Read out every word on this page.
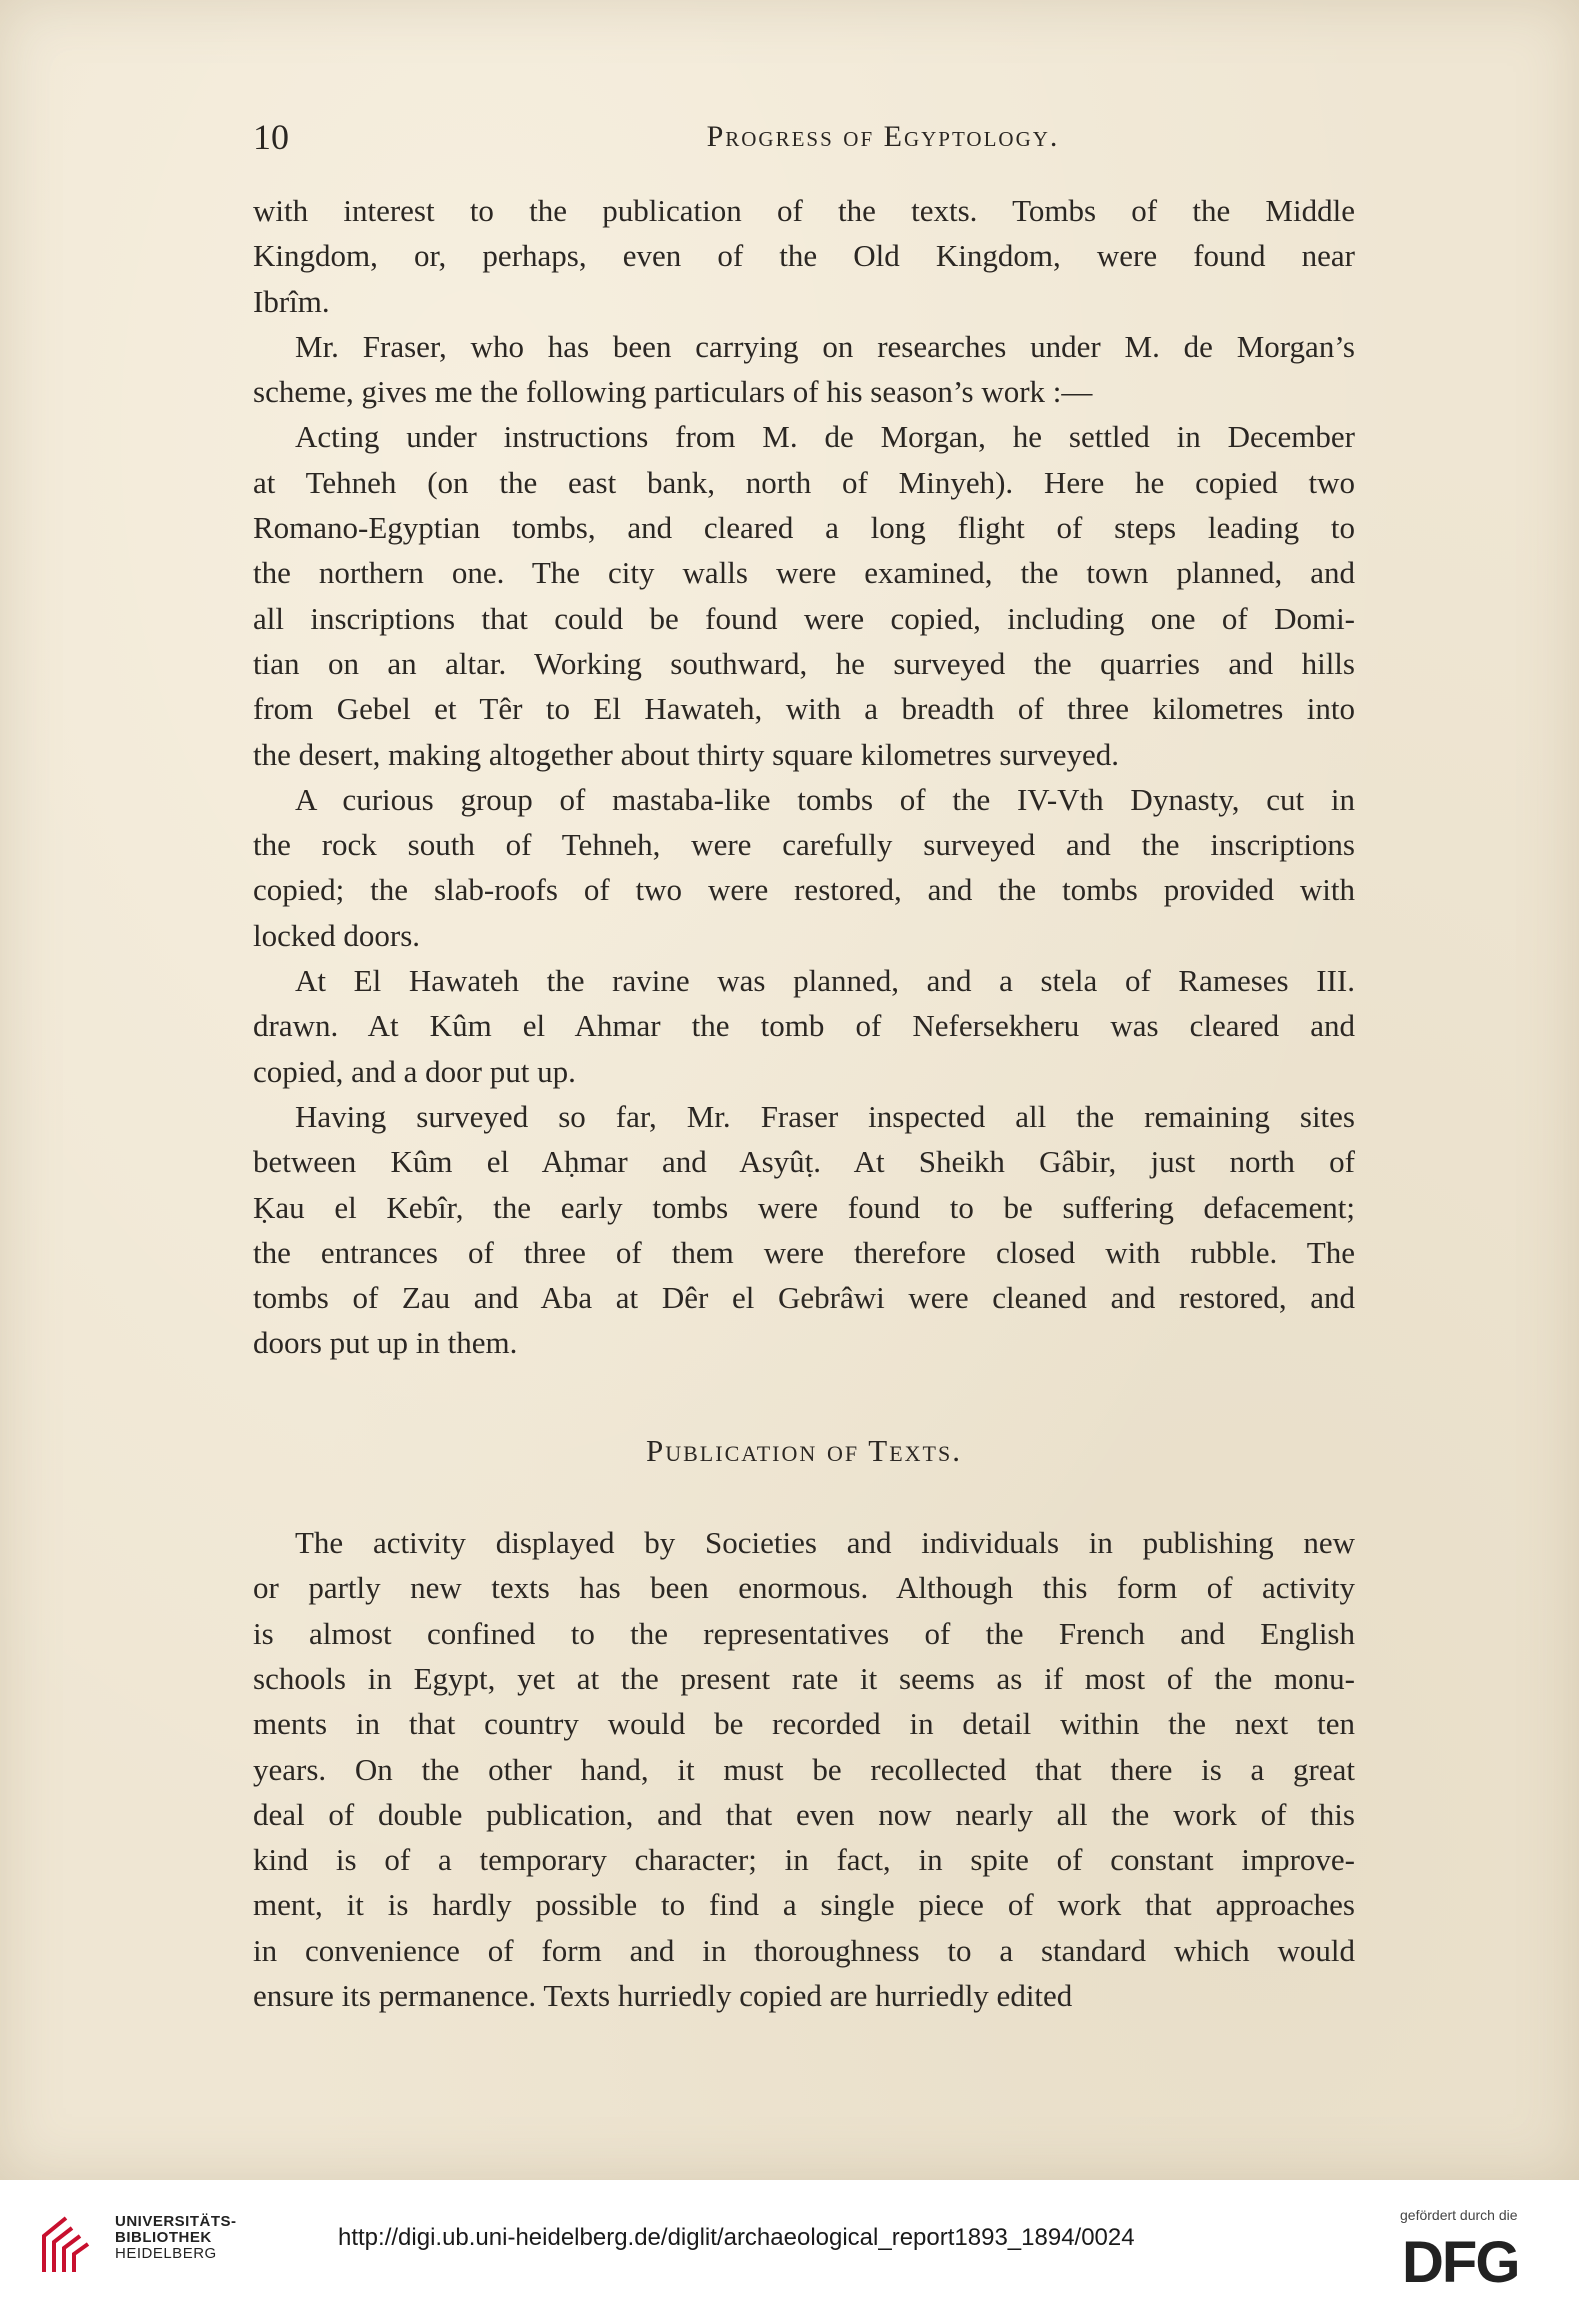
10	Progress of Egyptology.
with interest to the publication of the texts. Tombs of the Middle
Kingdom, or, perhaps, even of the Old Kingdom, were found near
Ibrîm.
Mr. Fraser, who has been carrying on researches under M. de Morgan’s
scheme, gives me the following particulars of his season’s work :—
Acting under instructions from M. de Morgan, he settled in December
at Tehneh (on the east bank, north of Minyeh). Here he copied two
Romano-Egyptian tombs, and cleared a long flight of steps leading to
the northern one. The city walls were examined, the town planned, and
all inscriptions that could be found were copied, including one of Domi-
tian on an altar. Working southward, he surveyed the quarries and hills
from Gebel et Têr to El Hawateh, with a breadth of three kilometres into
the desert, making altogether about thirty square kilometres surveyed.
A curious group of mastaba-like tombs of the IV-Vth Dynasty, cut in
the rock south of Tehneh, were carefully surveyed and the inscriptions
copied; the slab-roofs of two were restored, and the tombs provided with
locked doors.
At El Hawateh the ravine was planned, and a stela of Rameses III.
drawn. At Kûm el Ahmar the tomb of Nefersekheru was cleared and
copied, and a door put up.
Having surveyed so far, Mr. Fraser inspected all the remaining sites
between Kûm el Aḥmar and Asyûṭ. At Sheikh Gâbir, just north of
Ḳau el Kebîr, the early tombs were found to be suffering defacement;
the entrances of three of them were therefore closed with rubble. The
tombs of Zau and Aba at Dêr el Gebrâwi were cleaned and restored, and
doors put up in them.
Publication of Texts.
The activity displayed by Societies and individuals in publishing new
or partly new texts has been enormous. Although this form of activity
is almost confined to the representatives of the French and English
schools in Egypt, yet at the present rate it seems as if most of the monu-
ments in that country would be recorded in detail within the next ten
years. On the other hand, it must be recollected that there is a great
deal of double publication, and that even now nearly all the work of this
kind is of a temporary character; in fact, in spite of constant improve-
ment, it is hardly possible to find a single piece of work that approaches
in convenience of form and in thoroughness to a standard which would
ensure its permanence. Texts hurriedly copied are hurriedly edited
UNIVERSITÄTS-
BIBLIOTHEK
HEIDELBERG
http://digi.ub.uni-heidelberg.de/diglit/archaeological_report1893_1894/0024
gefördert durch die
DFG
